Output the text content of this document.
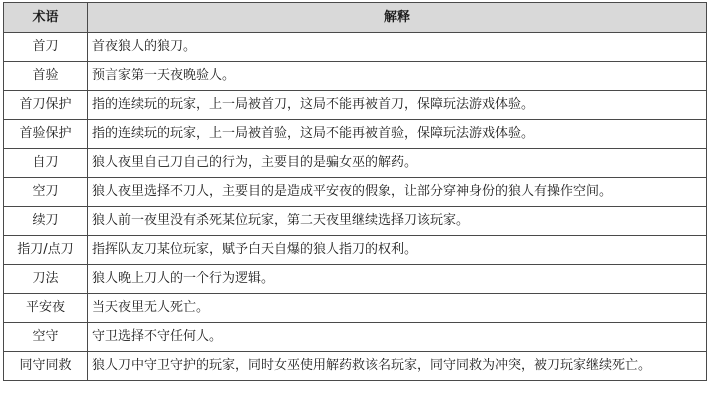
术语	解释
首刀	首夜狼人的狼刀。
首验	预言家第一天夜晚验人。
首刀保护	指的连续玩的玩家，上一局被首刀，这局不能再被首刀，保障玩法游戏体验。
首验保护	指的连续玩的玩家，上一局被首验，这局不能再被首验，保障玩法游戏体验。
自刀	狼人夜里自己刀自己的行为，主要目的是骗女巫的解药。
空刀	狼人夜里选择不刀人，主要目的是造成平安夜的假象，让部分穿神身份的狼人有操作空间。
续刀	狼人前一夜里没有杀死某位玩家，第二天夜里继续选择刀该玩家。
指刀/点刀	指挥队友刀某位玩家，赋予白天自爆的狼人指刀的权利。
刀法	狼人晚上刀人的一个行为逻辑。
平安夜	当天夜里无人死亡。
空守	守卫选择不守任何人。
同守同救	狼人刀中守卫守护的玩家，同时女巫使用解药救该名玩家，同守同救为冲突，被刀玩家继续死亡。
